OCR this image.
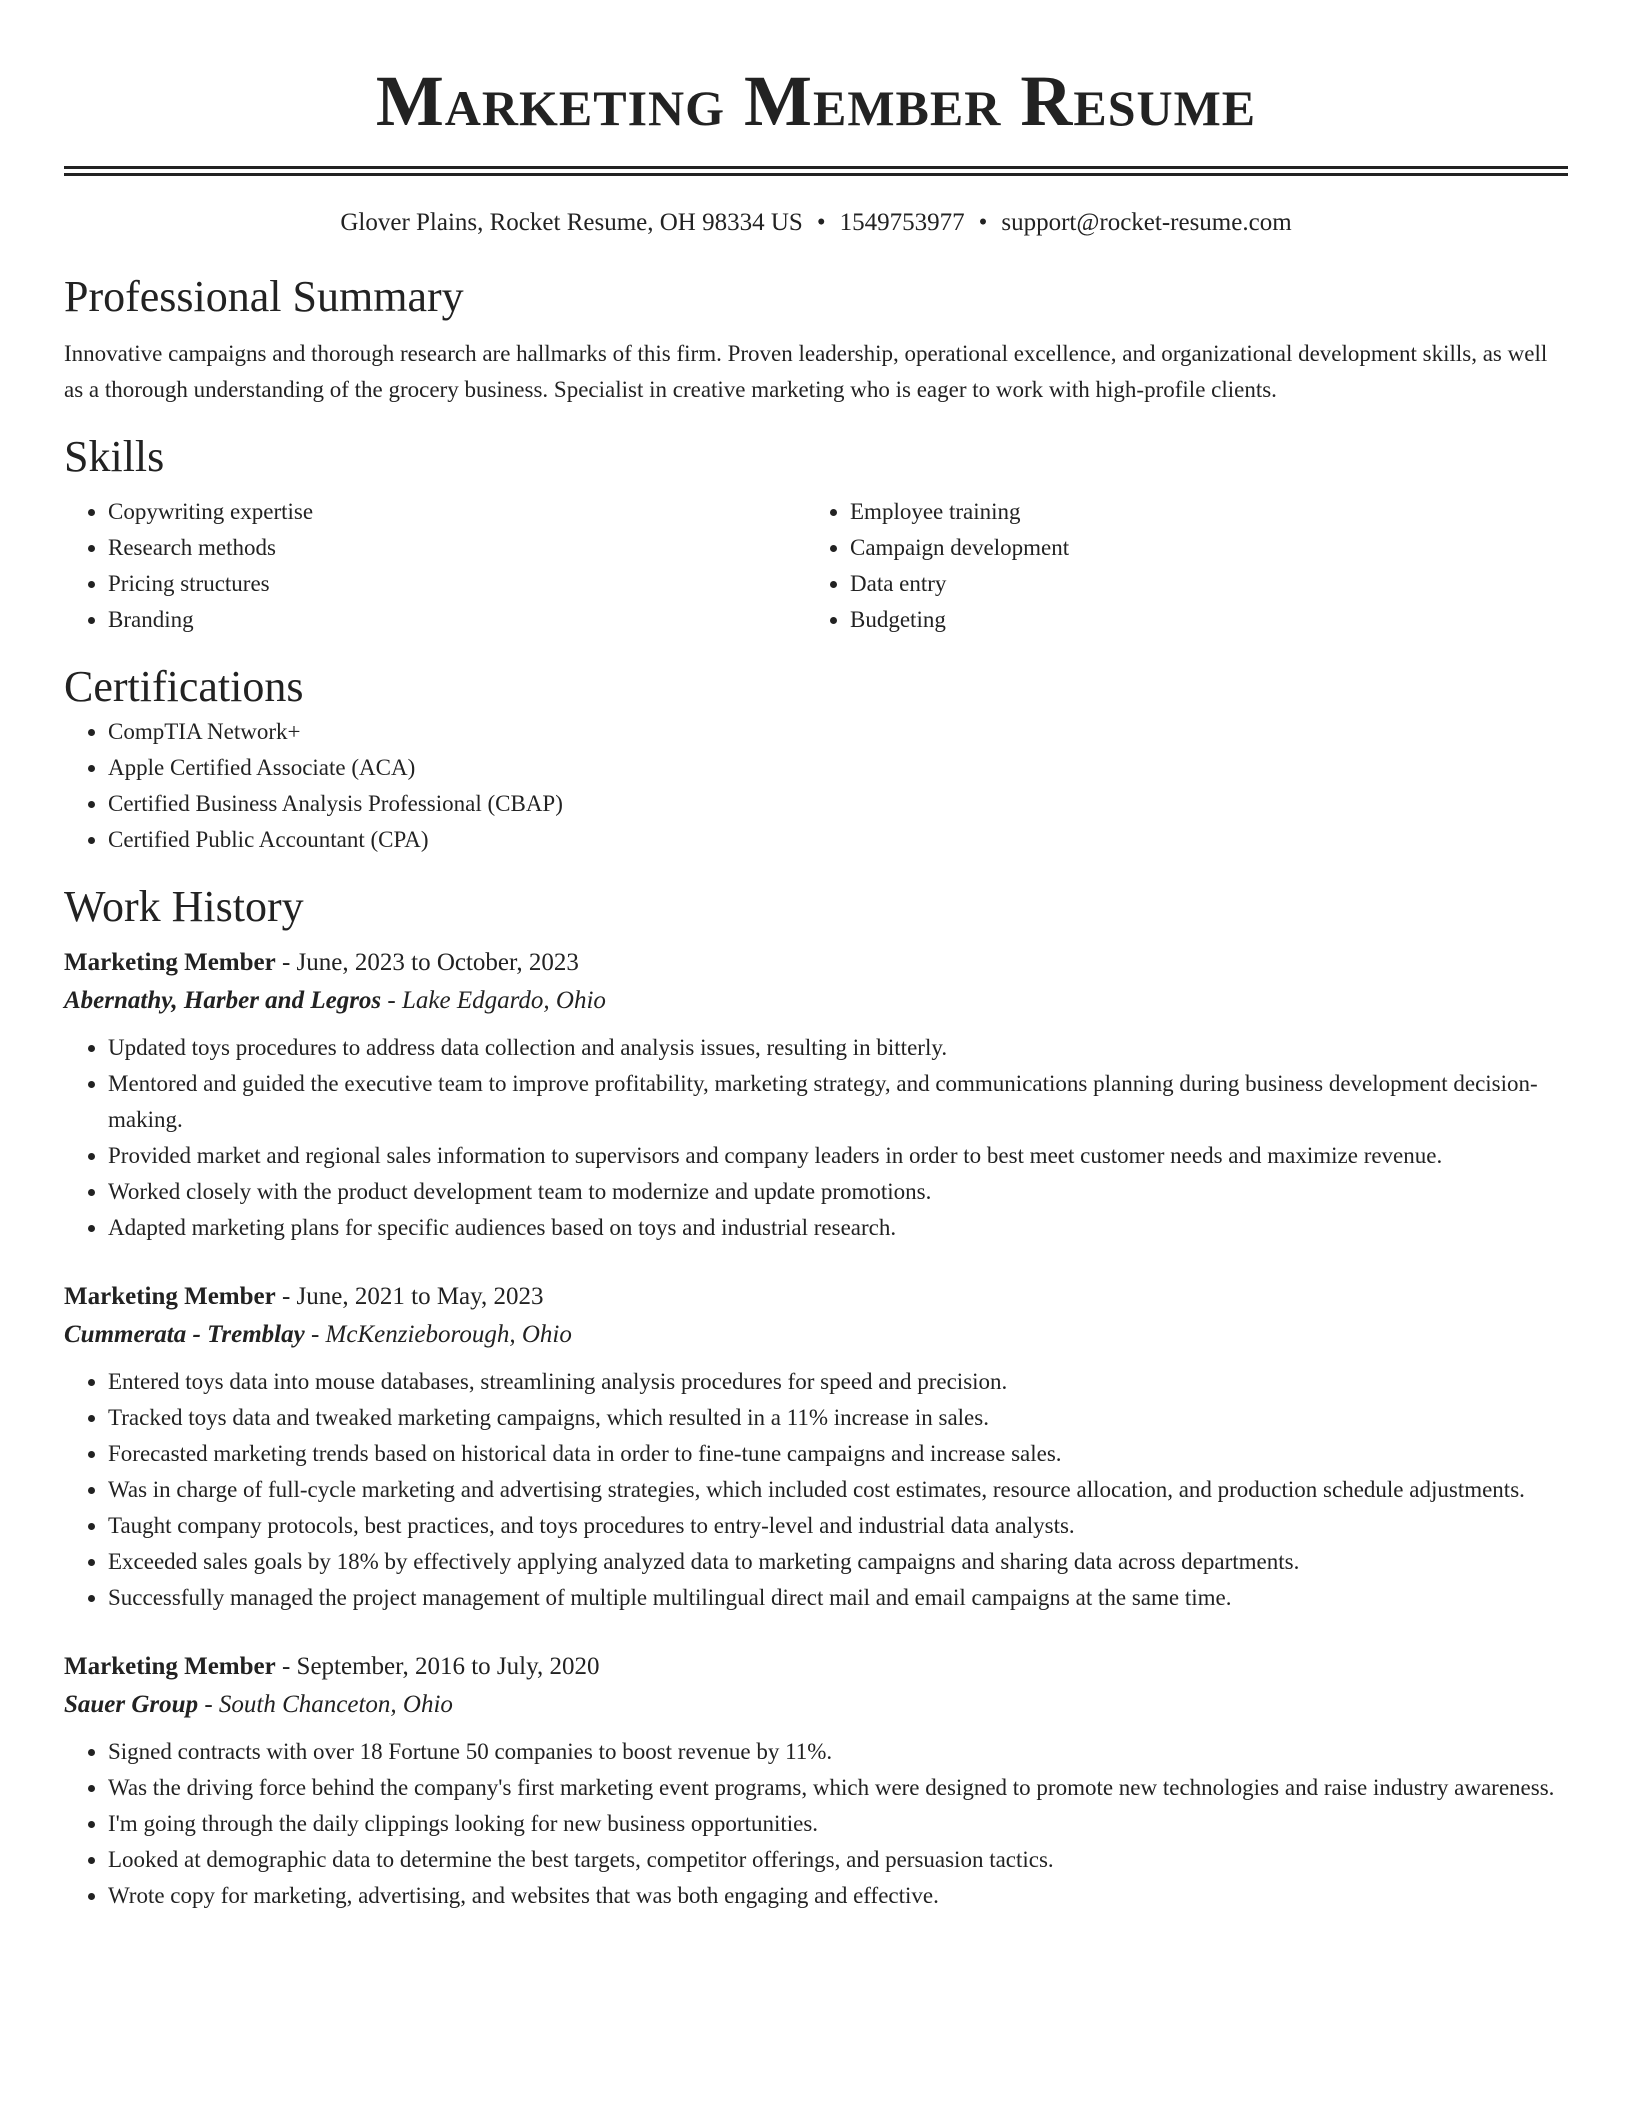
Marketing Member Resume
Glover Plains, Rocket Resume, OH 98334 US • 1549753977 • support@rocket-resume.com
Professional Summary

Innovative campaigns and thorough research are hallmarks of this firm. Proven leadership, operational excellence, and organizational development skills, as well as a thorough understanding of the grocery business. Specialist in creative marketing who is eager to work with high-profile clients.

Skills
• Copywriting expertise
• Research methods
• Pricing structures
• Branding
• Employee training
• Campaign development
• Data entry
• Budgeting
Certifications
• CompTIA Network+
• Apple Certified Associate (ACA)
• Certified Business Analysis Professional (CBAP)
• Certified Public Accountant (CPA)
Work History
Marketing Member - June, 2023 to October, 2023
Abernathy, Harber and Legros - Lake Edgardo, Ohio
• Updated toys procedures to address data collection and analysis issues, resulting in bitterly.
• Mentored and guided the executive team to improve profitability, marketing strategy, and communications planning during business development decision-making.
• Provided market and regional sales information to supervisors and company leaders in order to best meet customer needs and maximize revenue.
• Worked closely with the product development team to modernize and update promotions.
• Adapted marketing plans for specific audiences based on toys and industrial research.
Marketing Member - June, 2021 to May, 2023
Cummerata - Tremblay - McKenzieborough, Ohio
• Entered toys data into mouse databases, streamlining analysis procedures for speed and precision.
• Tracked toys data and tweaked marketing campaigns, which resulted in a 11% increase in sales.
• Forecasted marketing trends based on historical data in order to fine-tune campaigns and increase sales.
• Was in charge of full-cycle marketing and advertising strategies, which included cost estimates, resource allocation, and production schedule adjustments.
• Taught company protocols, best practices, and toys procedures to entry-level and industrial data analysts.
• Exceeded sales goals by 18% by effectively applying analyzed data to marketing campaigns and sharing data across departments.
• Successfully managed the project management of multiple multilingual direct mail and email campaigns at the same time.
Marketing Member - September, 2016 to July, 2020
Sauer Group - South Chanceton, Ohio
• Signed contracts with over 18 Fortune 50 companies to boost revenue by 11%.
• Was the driving force behind the company's first marketing event programs, which were designed to promote new technologies and raise industry awareness.
• I'm going through the daily clippings looking for new business opportunities.
• Looked at demographic data to determine the best targets, competitor offerings, and persuasion tactics.
• Wrote copy for marketing, advertising, and websites that was both engaging and effective.
